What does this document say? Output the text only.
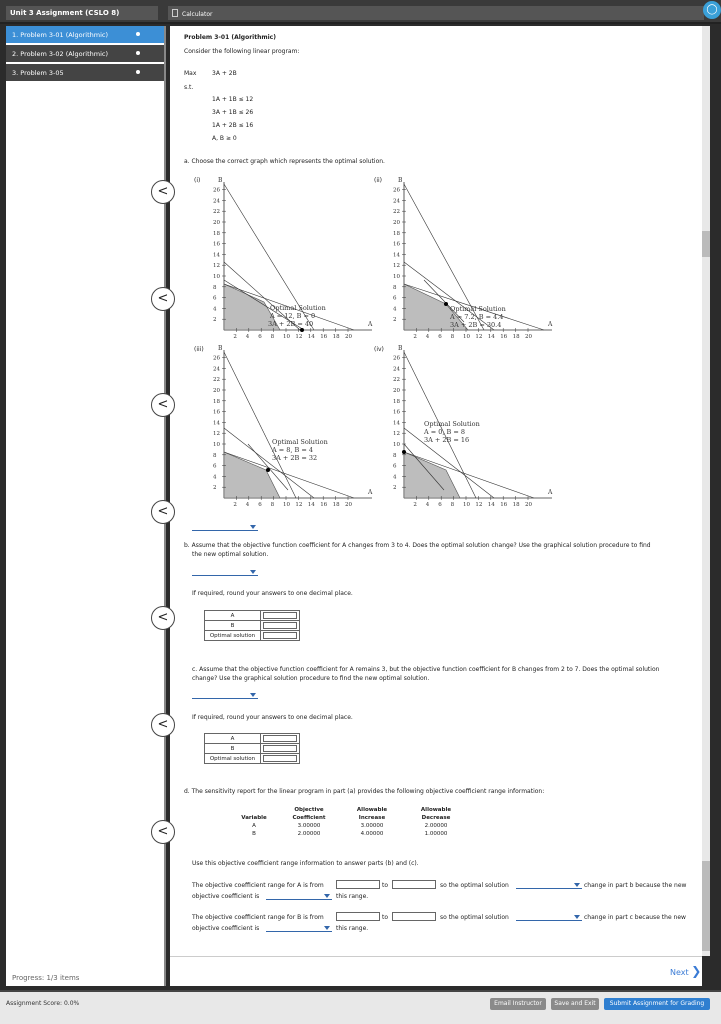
Unit 3 Assignment (CSLO 8)	Calculator	◯
1. Problem 3-01 (Algorithmic)
2. Problem 3-02 (Algorithmic)
3. Problem 3-05
Progress: 1/3 items
Problem 3-01 (Algorithmic)
Consider the following linear program:
Max	3A + 2B
s.t.
1A + 1B ≤ 12
3A + 1B ≤ 26
1A + 2B ≤ 16
A, B ≥ 0
a. Choose the correct graph which represents the optimal solution.
(i)	B
A
Optimal Solution
A = 12, B = 0
3A + 2B = 40
2 4 6 8 10 12 14 16 18 20
2
4
6
8
10
12
14
16
18
20
22
24
26
(ii)	B
A
Optimal Solution
A = 7.2, B = 4.4
3A + 2B = 30.4
2 4 6 8 10 12 14 16 18 20
2
4
6
8
10
12
14
16
18
20
22
24
26
(iii) B
A
Optimal Solution
A = 8, B = 4
3A + 2B = 32
2 4 6 8 10 12 14 16 18 20
2
4
6
8
10
12
14
16
18
20
22
24
26
(iv) B
A
Optimal Solution
A = 0, B = 8
3A + 2B = 16
2 4 6 8 10 12 14 16 18 20
2
4
6
8
10
12
14
16
18
20
22
24
26
b. Assume that the objective function coefficient for A changes from 3 to 4. Does the optimal solution change? Use the graphical solution procedure to find
the new optimal solution.
If required, round your answers to one decimal place.
A	

B	

Optimal solution	
c. Assume that the objective function coefficient for A remains 3, but the objective function coefficient for B changes from 2 to 7. Does the optimal solution
change? Use the graphical solution procedure to find the new optimal solution.
If required, round your answers to one decimal place.
A	

B	

Optimal solution	
d. The sensitivity report for the linear program in part (a) provides the following objective coefficient range information:
	Objective	Allowable	Allowable
Variable	Coefficient	Increase	Decrease
A	3.00000	3.00000	2.00000
B	2.00000	4.00000	1.00000
Use this objective coefficient range information to answer parts (b) and (c).
The objective coefficient range for A is from	to	so the optimal solution	change in part b because the new
objective coefficient is	this range.
The objective coefficient range for B is from	to	so the optimal solution	change in part c because the new
objective coefficient is	this range.
<
<
<
<
<
<
<
Next ❯
Assignment Score: 0.0%	Email Instructor	Save and Exit	Submit Assignment for Grading
